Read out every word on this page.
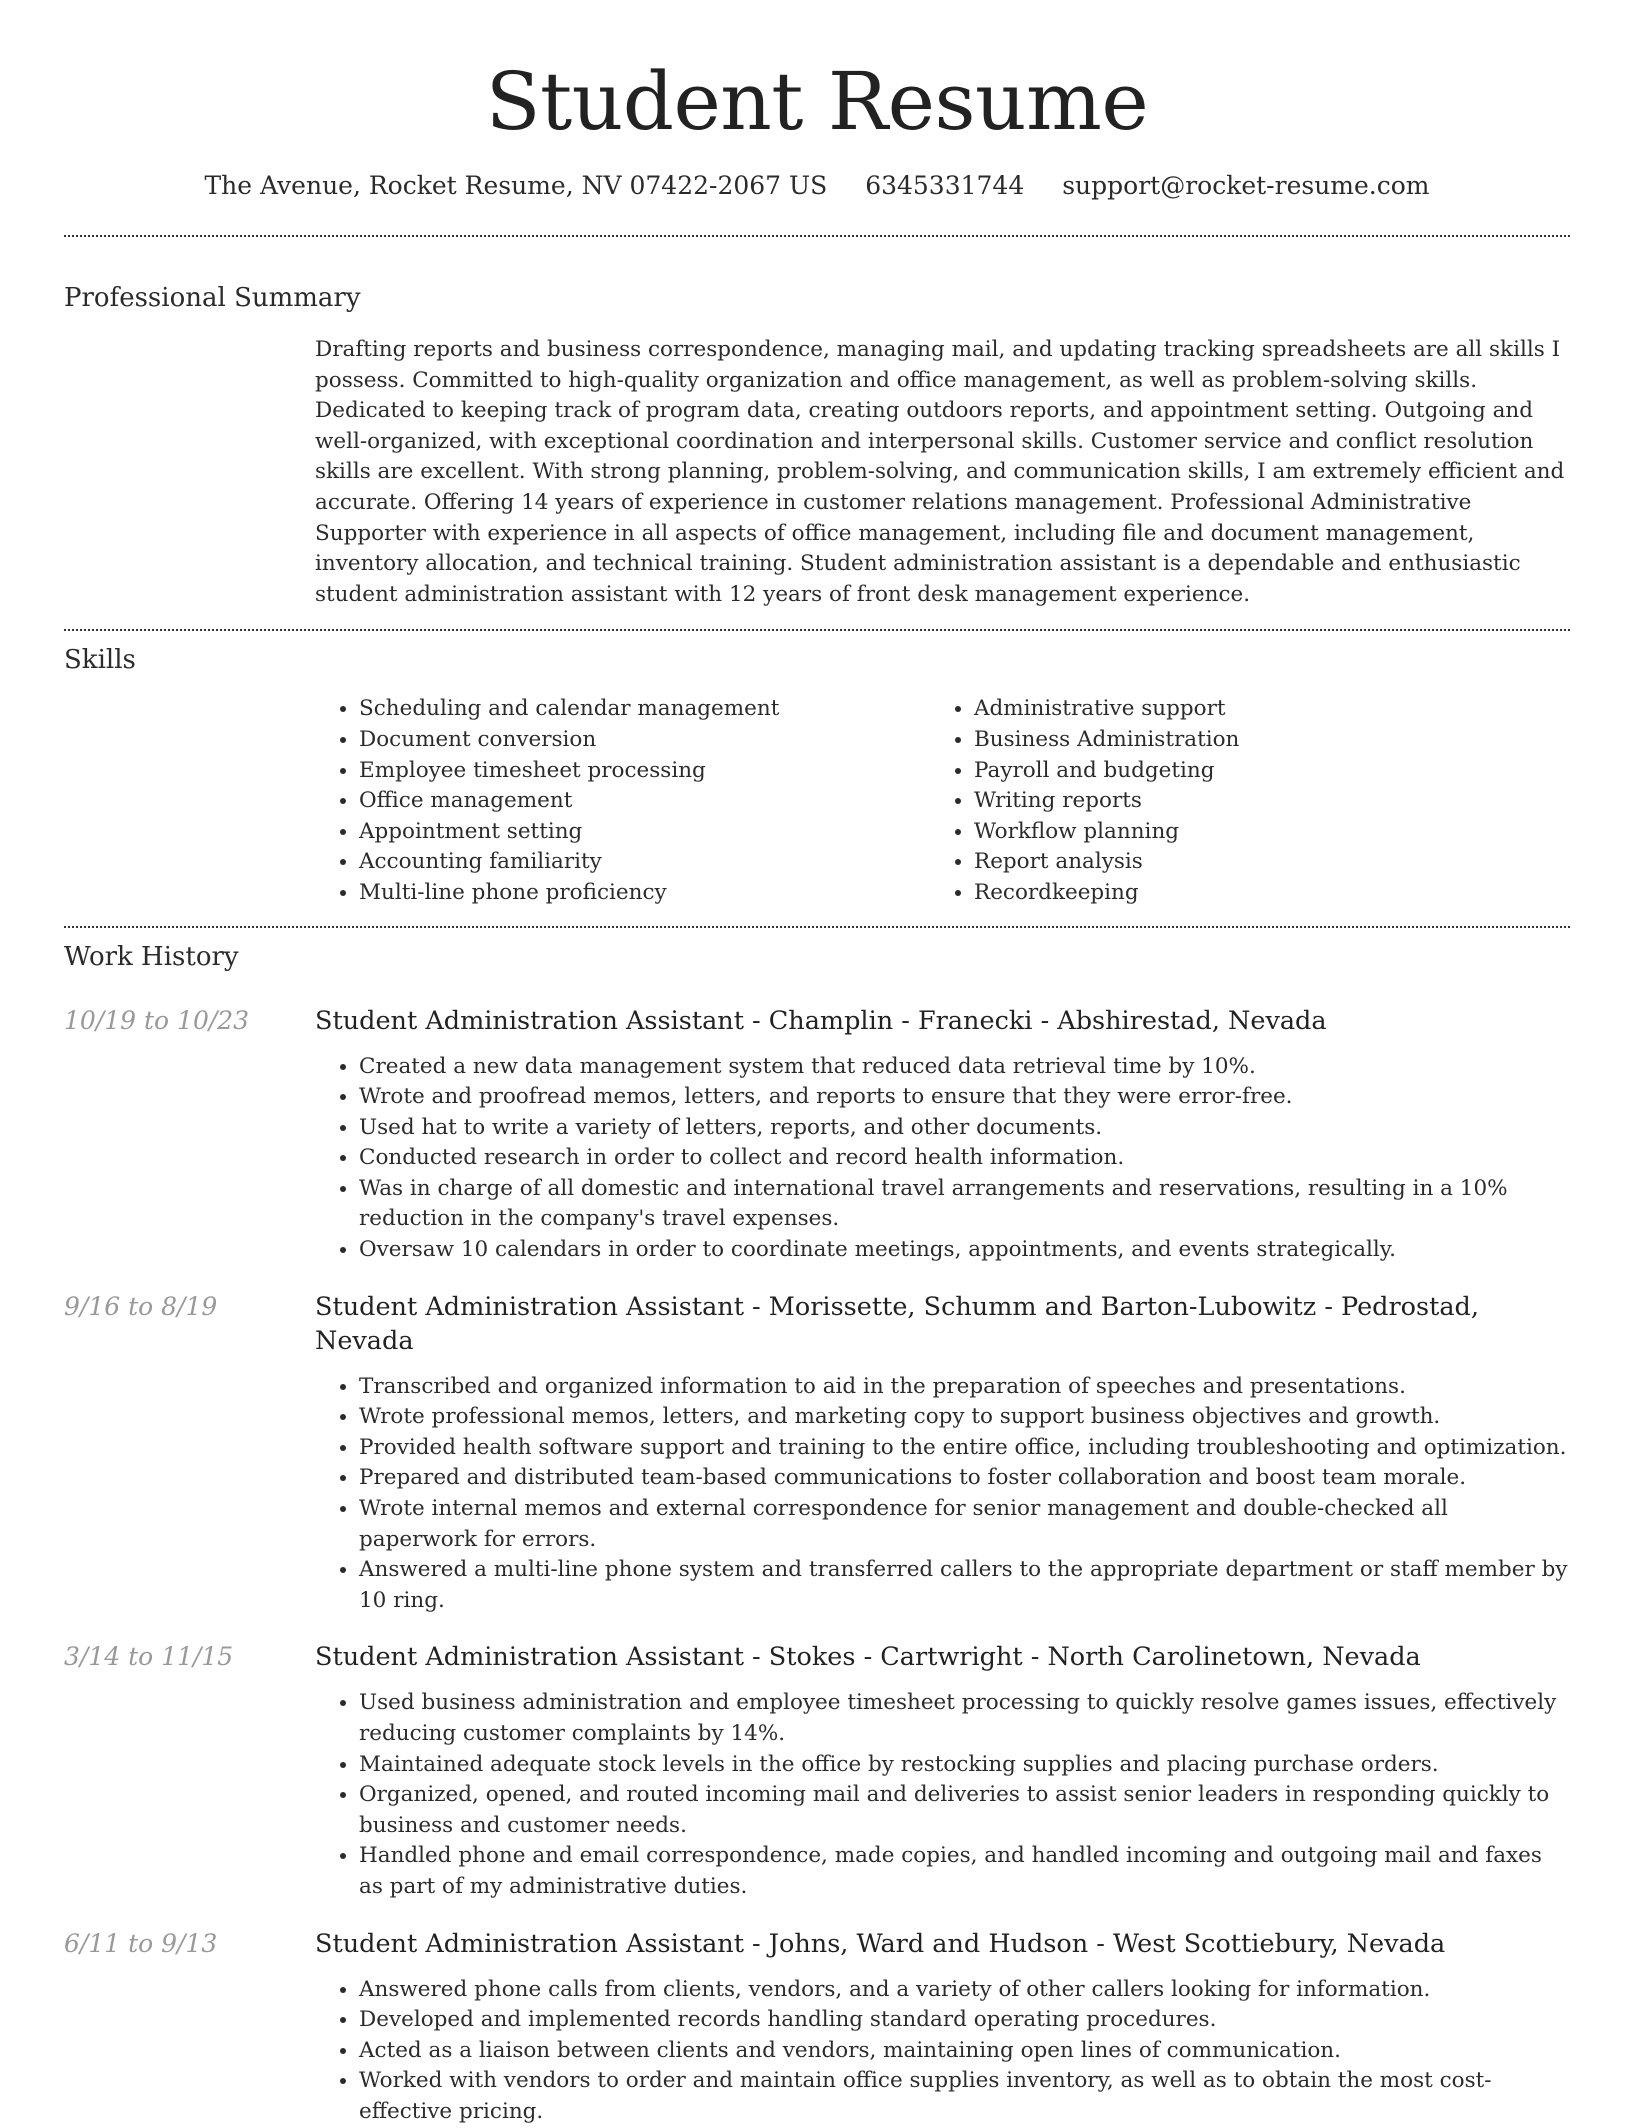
Student Resume
The Avenue, Rocket Resume, NV 07422-2067 US 6345331744 support@rocket-resume.com
Professional Summary
Drafting reports and business correspondence, managing mail, and updating tracking spreadsheets are all skills I possess. Committed to high-quality organization and office management, as well as problem-solving skills. Dedicated to keeping track of program data, creating outdoors reports, and appointment setting. Outgoing and well-organized, with exceptional coordination and interpersonal skills. Customer service and conflict resolution skills are excellent. With strong planning, problem-solving, and communication skills, I am extremely efficient and accurate. Offering 14 years of experience in customer relations management. Professional Administrative Supporter with experience in all aspects of office management, including file and document management, inventory allocation, and technical training. Student administration assistant is a dependable and enthusiastic student administration assistant with 12 years of front desk management experience.
Skills
• Scheduling and calendar management
• Document conversion
• Employee timesheet processing
• Office management
• Appointment setting
• Accounting familiarity
• Multi-line phone proficiency
• Administrative support
• Business Administration
• Payroll and budgeting
• Writing reports
• Workflow planning
• Report analysis
• Recordkeeping
Work History
10/19 to 10/23	Student Administration Assistant - Champlin - Franecki - Abshirestad, Nevada
• Created a new data management system that reduced data retrieval time by 10%.
• Wrote and proofread memos, letters, and reports to ensure that they were error-free.
• Used hat to write a variety of letters, reports, and other documents.
• Conducted research in order to collect and record health information.
• Was in charge of all domestic and international travel arrangements and reservations, resulting in a 10% reduction in the company's travel expenses.
• Oversaw 10 calendars in order to coordinate meetings, appointments, and events strategically.
9/16 to 8/19	Student Administration Assistant - Morissette, Schumm and Barton-Lubowitz - Pedrostad, Nevada
• Transcribed and organized information to aid in the preparation of speeches and presentations.
• Wrote professional memos, letters, and marketing copy to support business objectives and growth.
• Provided health software support and training to the entire office, including troubleshooting and optimization.
• Prepared and distributed team-based communications to foster collaboration and boost team morale.
• Wrote internal memos and external correspondence for senior management and double-checked all paperwork for errors.
• Answered a multi-line phone system and transferred callers to the appropriate department or staff member by 10 ring.
3/14 to 11/15	Student Administration Assistant - Stokes - Cartwright - North Carolinetown, Nevada
• Used business administration and employee timesheet processing to quickly resolve games issues, effectively reducing customer complaints by 14%.
• Maintained adequate stock levels in the office by restocking supplies and placing purchase orders.
• Organized, opened, and routed incoming mail and deliveries to assist senior leaders in responding quickly to business and customer needs.
• Handled phone and email correspondence, made copies, and handled incoming and outgoing mail and faxes as part of my administrative duties.
6/11 to 9/13	Student Administration Assistant - Johns, Ward and Hudson - West Scottiebury, Nevada
• Answered phone calls from clients, vendors, and a variety of other callers looking for information.
• Developed and implemented records handling standard operating procedures.
• Acted as a liaison between clients and vendors, maintaining open lines of communication.
• Worked with vendors to order and maintain office supplies inventory, as well as to obtain the most cost-effective pricing.
